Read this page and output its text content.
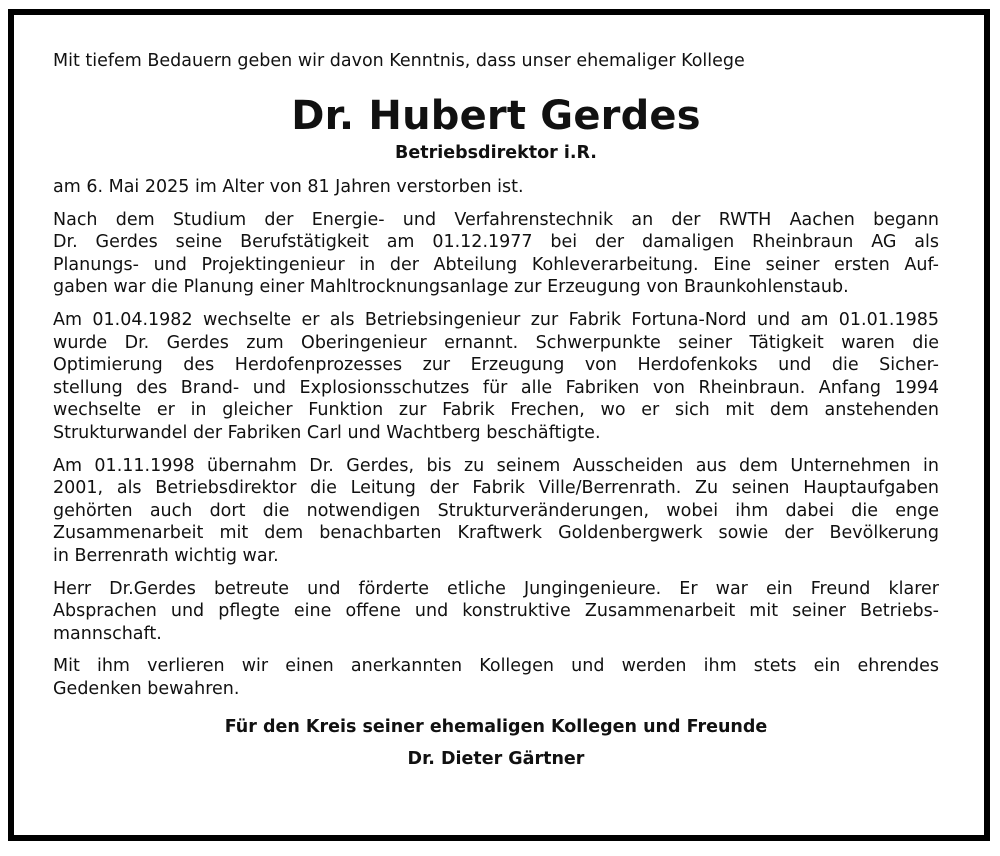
Mit tiefem Bedauern geben wir davon Kenntnis, dass unser ehemaliger Kollege

Dr. Hubert Gerdes

Betriebsdirektor i.R.

am 6. Mai 2025 im Alter von 81 Jahren verstorben ist.

Nach dem Studium der Energie- und Verfahrenstechnik an der RWTH Aachen begann
Dr. Gerdes seine Berufstätigkeit am 01.12.1977 bei der damaligen Rheinbraun AG als
Planungs- und Projektingenieur in der Abteilung Kohleverarbeitung. Eine seiner ersten Auf-
gaben war die Planung einer Mahltrocknungsanlage zur Erzeugung von Braunkohlenstaub.

Am 01.04.1982 wechselte er als Betriebsingenieur zur Fabrik Fortuna-Nord und am 01.01.1985
wurde Dr. Gerdes zum Oberingenieur ernannt. Schwerpunkte seiner Tätigkeit waren die
Optimierung des Herdofenprozesses zur Erzeugung von Herdofenkoks und die Sicher-
stellung des Brand- und Explosionsschutzes für alle Fabriken von Rheinbraun. Anfang 1994
wechselte er in gleicher Funktion zur Fabrik Frechen, wo er sich mit dem anstehenden
Strukturwandel der Fabriken Carl und Wachtberg beschäftigte.

Am 01.11.1998 übernahm Dr. Gerdes, bis zu seinem Ausscheiden aus dem Unternehmen in
2001, als Betriebsdirektor die Leitung der Fabrik Ville/Berrenrath. Zu seinen Hauptaufgaben
gehörten auch dort die notwendigen Strukturveränderungen, wobei ihm dabei die enge
Zusammenarbeit mit dem benachbarten Kraftwerk Goldenbergwerk sowie der Bevölkerung
in Berrenrath wichtig war.

Herr Dr.Gerdes betreute und förderte etliche Jungingenieure. Er war ein Freund klarer
Absprachen und pflegte eine offene und konstruktive Zusammenarbeit mit seiner Betriebs-
mannschaft.

Mit ihm verlieren wir einen anerkannten Kollegen und werden ihm stets ein ehrendes
Gedenken bewahren.

Für den Kreis seiner ehemaligen Kollegen und Freunde

Dr. Dieter Gärtner
